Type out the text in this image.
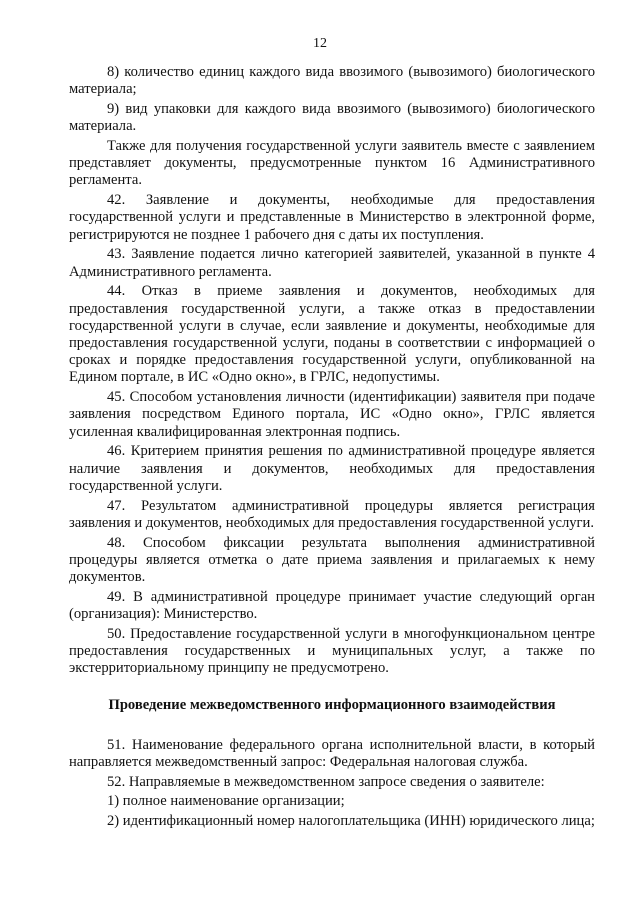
12

8) количество единиц каждого вида ввозимого (вывозимого) биологического материала;

9) вид упаковки для каждого вида ввозимого (вывозимого) биологического материала.

Также для получения государственной услуги заявитель вместе с заявлением представляет документы, предусмотренные пунктом 16 Административного регламента.

42. Заявление и документы, необходимые для предоставления государственной услуги и представленные в Министерство в электронной форме, регистрируются не позднее 1 рабочего дня с даты их поступления.

43. Заявление подается лично категорией заявителей, указанной в пункте 4 Административного регламента.

44. Отказ в приеме заявления и документов, необходимых для предоставления государственной услуги, а также отказ в предоставлении государственной услуги в случае, если заявление и документы, необходимые для предоставления государственной услуги, поданы в соответствии с информацией о сроках и порядке предоставления государственной услуги, опубликованной на Едином портале, в ИС «Одно окно», в ГРЛС, недопустимы.

45. Способом установления личности (идентификации) заявителя при подаче заявления посредством Единого портала, ИС «Одно окно», ГРЛС является усиленная квалифицированная электронная подпись.

46. Критерием принятия решения по административной процедуре является наличие заявления и документов, необходимых для предоставления государственной услуги.

47. Результатом административной процедуры является регистрация заявления и документов, необходимых для предоставления государственной услуги.

48. Способом фиксации результата выполнения административной процедуры является отметка о дате приема заявления и прилагаемых к нему документов.

49. В административной процедуре принимает участие следующий орган (организация): Министерство.

50. Предоставление государственной услуги в многофункциональном центре предоставления государственных и муниципальных услуг, а также по экстерриториальному принципу не предусмотрено.

Проведение межведомственного информационного взаимодействия

51. Наименование федерального органа исполнительной власти, в который направляется межведомственный запрос: Федеральная налоговая служба.

52. Направляемые в межведомственном запросе сведения о заявителе:

1) полное наименование организации;

2) идентификационный номер налогоплательщика (ИНН) юридического лица;
